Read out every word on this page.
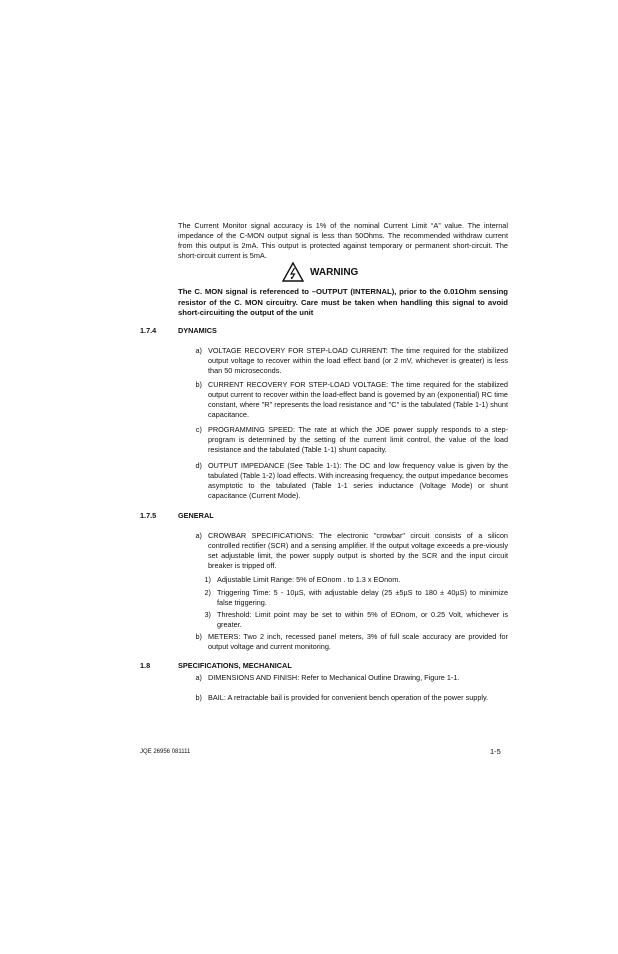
The Current Monitor signal accuracy is 1% of the nominal Current Limit “A” value. The internal impedance of the C-MON output signal is less than 50Ohms. The recommended withdraw current from this output is 2mA. This output is protected against temporary or permanent short-circuit. The short-circuit current is 5mA.
WARNING
The C. MON signal is referenced to –OUTPUT (INTERNAL), prior to the 0.01Ohm sensing resistor of the C. MON circuitry. Care must be taken when handling this signal to avoid short-circuiting the output of the unit
1.7.4	DYNAMICS
a) VOLTAGE RECOVERY FOR STEP-LOAD CURRENT: The time required for the stabilized output voltage to recover within the load effect band (or 2 mV, whichever is greater) is less than 50 microseconds.
b) CURRENT RECOVERY FOR STEP-LOAD VOLTAGE: The time required for the stabilized output current to recover within the load-effect band is governed by an (exponential) RC time constant, where "R" represents the load resistance and "C" is the tabulated (Table 1-1) shunt capacitance.
c) PROGRAMMING SPEED: The rate at which the JOE power supply responds to a step-program is determined by the setting of the current limit control, the value of the load resistance and the tabulated (Table 1-1) shunt capacity.
d) OUTPUT IMPEDANCE (See Table 1-1): The DC and low frequency value is given by the tabulated (Table 1-2) load effects. With increasing frequency, the output impedance becomes asymptotic to the tabulated (Table 1-1 series inductance (Voltage Mode) or shunt capacitance (Current Mode).
1.7.5	GENERAL
a) CROWBAR SPECIFICATIONS: The electronic "crowbar" circuit consists of a silicon controlled rectifier (SCR) and a sensing amplifier. If the output voltage exceeds a pre-viously set adjustable limit, the power supply output is shorted by the SCR and the input circuit breaker is tripped off.
1) Adjustable Limit Range: 5% of EOnom . to 1.3 x EOnom.
2) Triggering Time: 5 - 10µS, with adjustable delay (25 ±5µS to 180 ± 40µS) to minimize false triggering.
3) Threshold: Limit point may be set to within 5% of EOnom, or 0.25 Volt, whichever is greater.
b) METERS: Two 2 inch, recessed panel meters, 3% of full scale accuracy are provided for output voltage and current monitoring.
1.8	SPECIFICATIONS, MECHANICAL
a) DIMENSIONS AND FINISH: Refer to Mechanical Outline Drawing, Figure 1-1.
b) BAIL: A retractable bail is provided for convenient bench operation of the power supply.
JQE 26956 081111	1-5
